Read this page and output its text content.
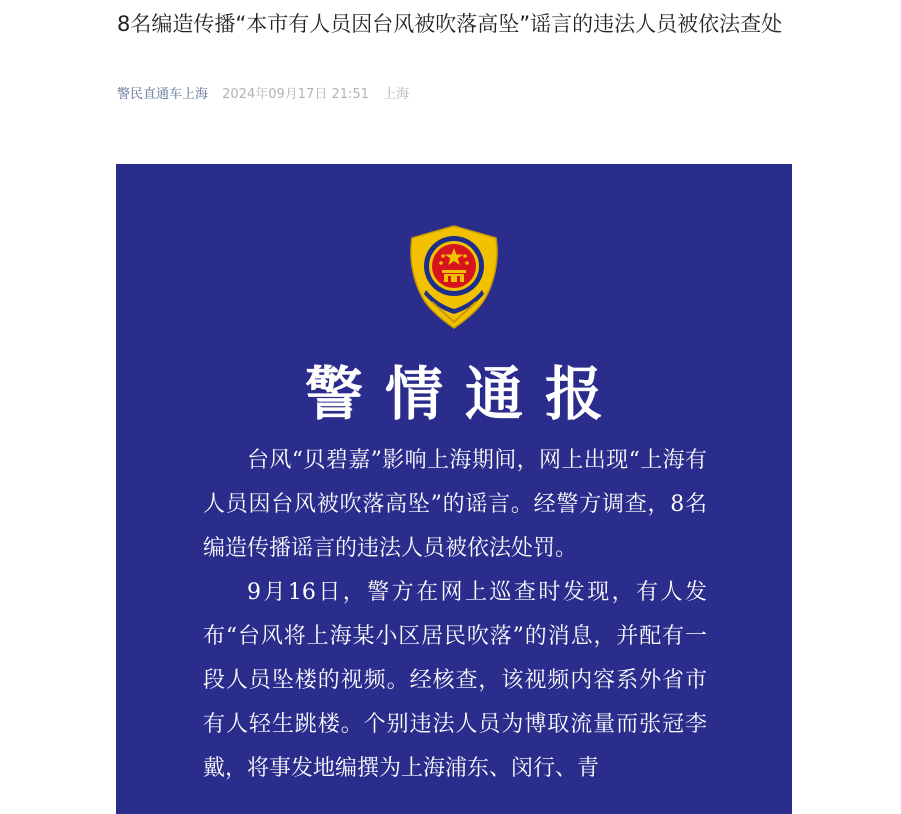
8名编造传播“本市有人员因台风被吹落高坠”谣言的违法人员被依法查处
警民直通车上海 2024年09月17日 21:51 上海
警情通报

台风“贝碧嘉”影响上海期间，网上出现“上海有人员因台风被吹落高坠”的谣言。经警方调查，8名编造传播谣言的违法人员被依法处罚。

9月16日，警方在网上巡查时发现，有人发布“台风将上海某小区居民吹落”的消息，并配有一段人员坠楼的视频。经核查，该视频内容系外省市有人轻生跳楼。个别违法人员为博取流量而张冠李戴，将事发地编撰为上海浦东、闵行、青
